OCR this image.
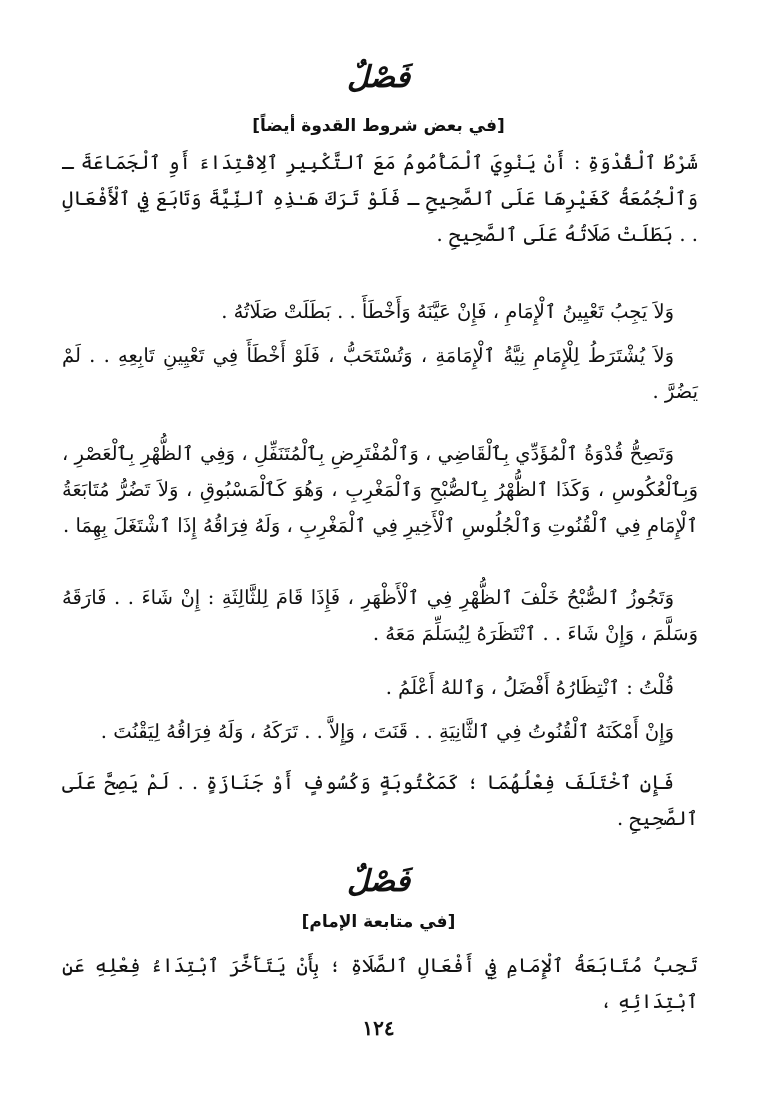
فَصْلٌ
[في بعض شروط القدوة أيضاً]

شَرْطُ ٱلْقُدْوَةِ : أَنْ يَنْوِيَ ٱلْمَأْمُومُ مَعَ ٱلتَّكْبِيرِ ٱلِاقْتِدَاءَ أَوِ ٱلْجَمَاعَةَ ـ وَٱلْجُمُعَةُ كَغَيْرِهَا عَلَى ٱلصَّحِيحِ ـ فَلَوْ تَرَكَ هَـٰذِهِ ٱلنِّيَّةَ وَتَابَعَ فِي ٱلْأَفْعَالِ . . بَطَلَتْ صَلَاتُهُ عَلَى ٱلصَّحِيحِ .

وَلاَ يَجِبُ تَعْيِينُ ٱلْإِمَامِ ، فَإِنْ عَيَّنَهُ وَأَخْطَأَ . . بَطَلَتْ صَلَاتُهُ .

وَلاَ يُشْتَرَطُ لِلْإِمَامِ نِيَّةُ ٱلْإِمَامَةِ ، وَتُسْتَحَبُّ ، فَلَوْ أَخْطَأَ فِي تَعْيِينِ تَابِعِهِ . . لَمْ يَضُرَّ .

وَتَصِحُّ قُدْوَةُ ٱلْمُؤَدِّي بِٱلْقَاضِي ، وَٱلْمُفْتَرِضِ بِٱلْمُتَنَفِّلِ ، وَفِي ٱلظُّهْرِ بِٱلْعَصْرِ ، وَبِٱلْعُكُوسِ ، وَكَذَا ٱلظُّهْرُ بِٱلصُّبْحِ وَٱلْمَغْرِبِ ، وَهُوَ كَٱلْمَسْبُوقِ ، وَلاَ تَضُرُّ مُتَابَعَةُ ٱلْإِمَامِ فِي ٱلْقُنُوتِ وَٱلْجُلُوسِ ٱلْأَخِيرِ فِي ٱلْمَغْرِبِ ، وَلَهُ فِرَاقُهُ إِذَا ٱشْتَغَلَ بِهِمَا .

وَتَجُوزُ ٱلصُّبْحُ خَلْفَ ٱلظُّهْرِ فِي ٱلْأَظْهَرِ ، فَإِذَا قَامَ لِلثَّالِثَةِ : إِنْ شَاءَ . . فَارَقَهُ وَسَلَّمَ ، وَإِنْ شَاءَ . . ٱنْتَظَرَهُ لِيُسَلِّمَ مَعَهُ .

قُلْتُ : ٱنْتِظَارُهُ أَفْضَلُ ، وَٱللهُ أَعْلَمُ .

وَإِنْ أَمْكَنَهُ ٱلْقُنُوتُ فِي ٱلثَّانِيَةِ . . قَنَتَ ، وَإِلاَّ . . تَرَكَهُ ، وَلَهُ فِرَاقُهُ لِيَقْنُتَ .

فَإِنِ ٱخْتَلَفَ فِعْلُهُمَا ؛ كَمَكْتُوبَةٍ وَكُسُوفٍ أَوْ جَنَازَةٍ . . لَمْ يَصِحَّ عَلَى ٱلصَّحِيحِ .

فَصْلٌ
[في متابعة الإمام]

تَجِبُ مُتَابَعَةُ ٱلْإِمَامِ فِي أَفْعَالِ ٱلصَّلَاةِ ؛ بِأَنْ يَتَأَخَّرَ ٱبْتِدَاءُ فِعْلِهِ عَنِ ٱبْتِدَائِهِ ،

١٢٤
